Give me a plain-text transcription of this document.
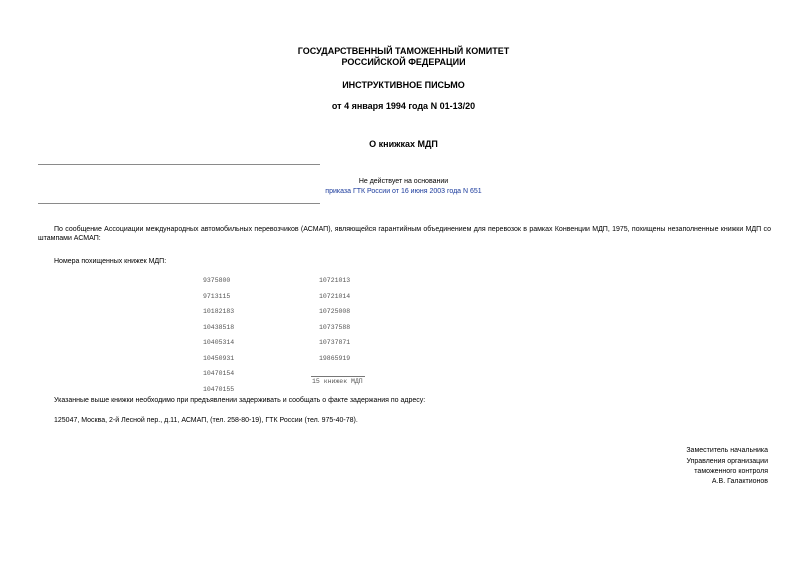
ГОСУДАРСТВЕННЫЙ ТАМОЖЕННЫЙ КОМИТЕТ
РОССИЙСКОЙ ФЕДЕРАЦИИ
ИНСТРУКТИВНОЕ ПИСЬМО
от 4 января 1994 года N 01-13/20
О книжках МДП
Не действует на основании
приказа ГТК России от 16 июня 2003 года N 651
По сообщение Ассоциации международных автомобильных перевозчиков (АСМАП), являющейся гарантийным объединением для перевозок в рамках Конвенции МДП, 1975, похищены незаполненные книжки МДП со штампами АСМАП:
Номера похищенных книжек МДП:
9375800
9713115
10182183
10438518
10405314
10450931
10470154
10470155
10721013
10721014
10725008
10737588
10737871
19865919
15 книжек МДП
Указанные выше книжки необходимо при предъявлении задерживать и сообщать о факте задержания по адресу:
125047, Москва, 2-й Лесной пер., д.11, АСМАП, (тел. 258-80-19), ГТК России (тел. 975-40-78).
Заместитель начальника
Управления организации
таможенного контроля
А.В. Галактионов
